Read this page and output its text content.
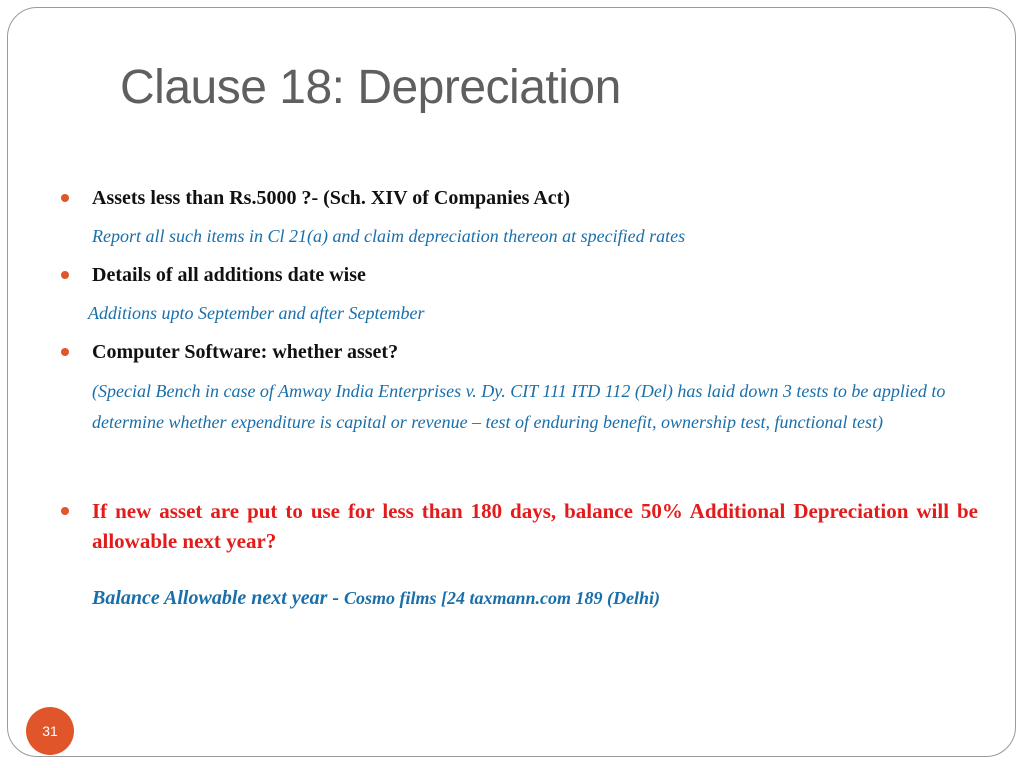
Clause 18: Depreciation
Assets less than Rs.5000 ?- (Sch. XIV of Companies Act)
Report all such items in Cl 21(a) and claim depreciation thereon at specified rates
Details of all additions date wise
Additions upto September and after September
Computer Software: whether asset?
(Special Bench in case of Amway India Enterprises v. Dy. CIT 111 ITD 112 (Del) has laid down 3 tests to be applied to determine whether expenditure is capital or revenue – test of enduring benefit, ownership test, functional test)
If new asset are put to use for less than 180 days, balance 50% Additional Depreciation will be allowable next year?
Balance Allowable next year - Cosmo films [24 taxmann.com 189 (Delhi)
31
